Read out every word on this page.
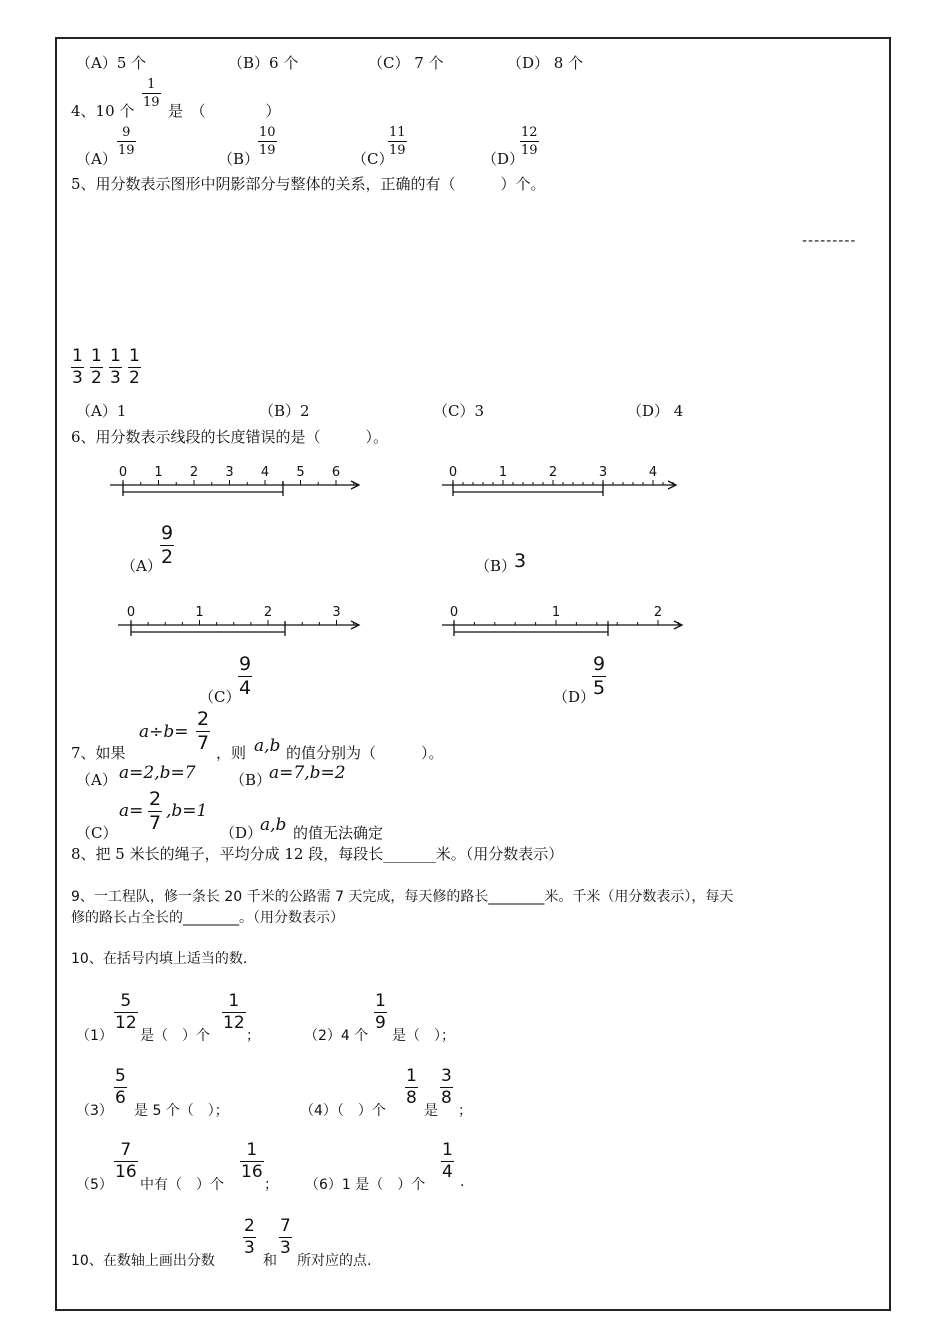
（A）5 个	（B）6 个	（C） 7 个	（D） 8 个
4、10 个
1
19 是　（　　　　）
（A）
9
19	（B）
10
19	（C）
11
19	（D）
12
19
5、用分数表示图形中阴影部分与整体的关系，正确的有（　　　）个。
---------
1
3
1
2
1
3
1
2
（A）1	（B）2	（C）3	（D） 4
6、用分数表示线段的长度错误的是（　　　）。
0 1 2 3 4 5 6
（A）
9
2
0	1	2	3	4
（B）
3
0	1	2	3
（C）
9
4
0	1	2
（D）
9
5
7、如果
a÷b=
2
7 ，则 a,b 的值分别为（　　　）。
（A） a=2,b=7 （B）
a=7,b=2
（C）
a=
2
7
,b=1
（D）
a,b 的值无法确定
8、把 5 米长的绳子，平均分成 12 段，每段长_______米。（用分数表示）
9、一工程队，修一条长 20 千米的公路需 7 天完成，每天修的路长________米。千米（用分数表示），每天
修的路长占全长的________。（用分数表示）
10、在括号内填上适当的数.
（1）
5
12
是（　）个
1
12
；	（2）4 个
1
9
是（　）；
（3）
5
6
是 5 个（　）；	（4）（　）个
1
8
是
3
8
；
（5）
7
16
中有（　）个
1
16
； （6）1 是（　）个
1
4 .
10、在数轴上画出分数
2
3
和
7
3
所对应的点.
